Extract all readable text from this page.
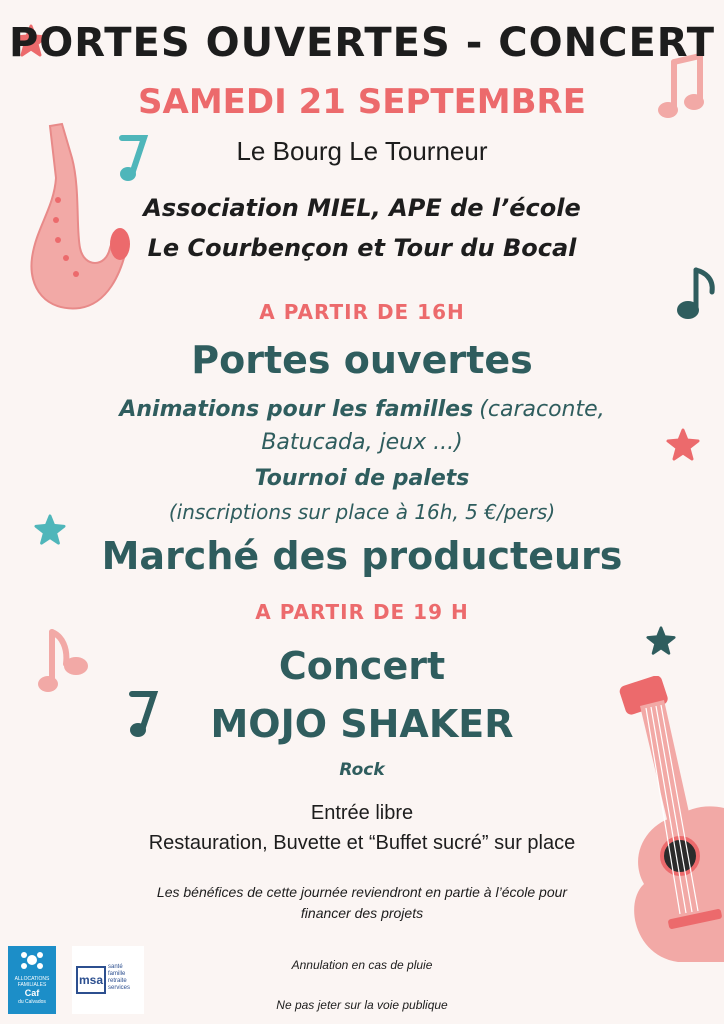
PORTES OUVERTES - CONCERT
SAMEDI 21 SEPTEMBRE
Le Bourg Le Tourneur
Association MIEL, APE de l’école
Le Courbençon et Tour du Bocal
A PARTIR DE 16H
Portes ouvertes
Animations pour les familles (caraconte,
Batucada, jeux ...)
Tournoi de palets
(inscriptions sur place à 16h, 5 €/pers)
Marché des producteurs
A PARTIR DE 19 H
Concert
MOJO SHAKER
Rock
Entrée libre
Restauration, Buvette et “Buffet sucré” sur place
Les bénéfices de cette journée reviendront en partie à l’école pour
financer des projets
Annulation en cas de pluie
Ne pas jeter sur la voie publique
ALLOCATIONS
FAMILIALES
Caf
du Calvados
msa
santé
famille
retraite
services
